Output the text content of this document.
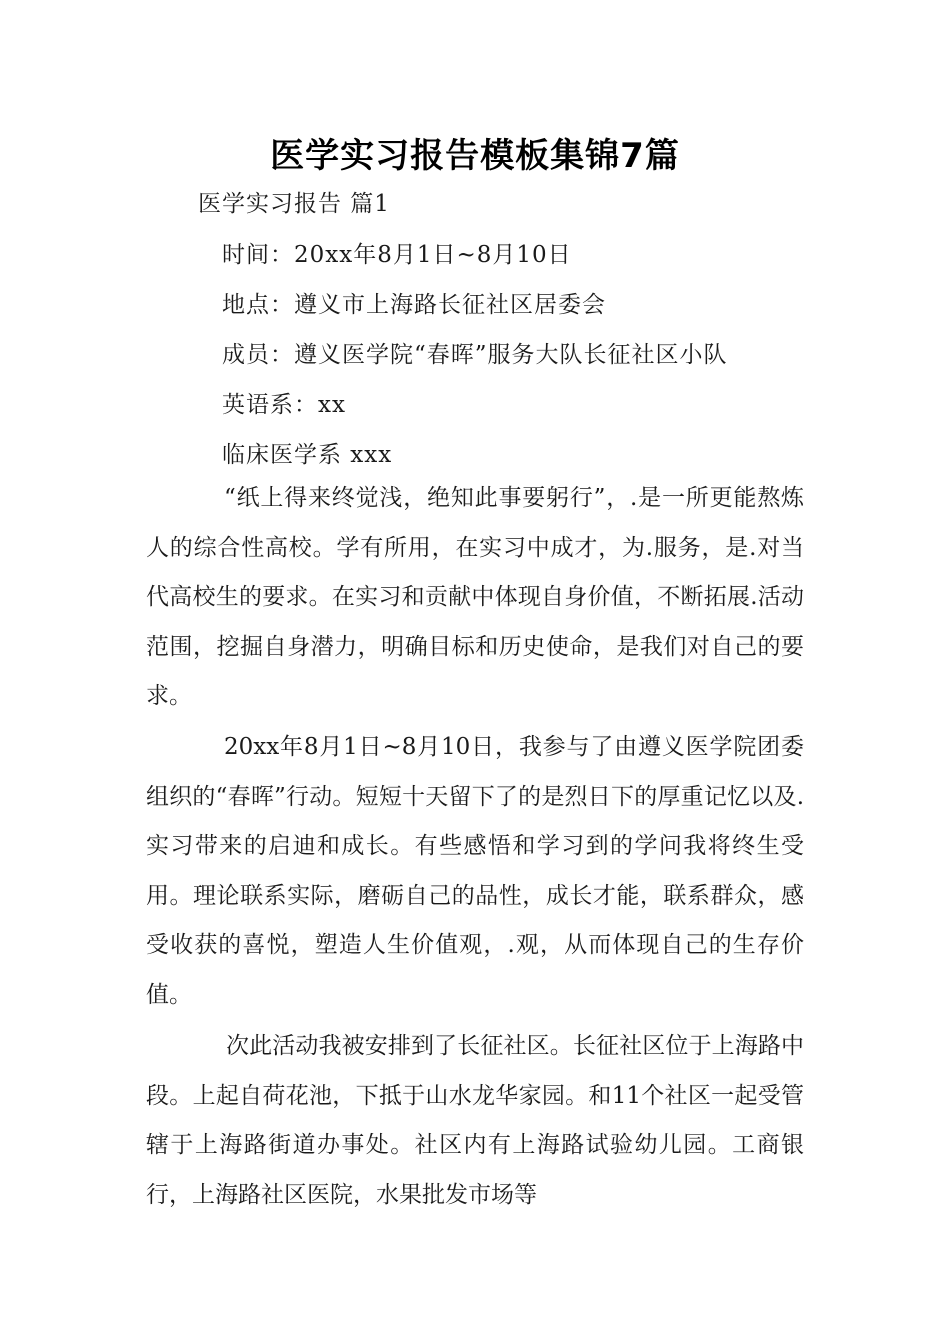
医学实习报告模板集锦7篇
医学实习报告 篇1
时间：20xx年8月1日~8月10日
地点：遵义市上海路长征社区居委会
成员：遵义医学院“春晖”服务大队长征社区小队
英语系：xx
临床医学系 xxx
“纸上得来终觉浅，绝知此事要躬行”，.是一所更能熬炼人的综合性高校。学有所用，在实习中成才，为.服务，是.对当代高校生的要求。在实习和贡献中体现自身价值，不断拓展.活动范围，挖掘自身潜力，明确目标和历史使命，是我们对自己的要求。
20xx年8月1日~8月10日，我参与了由遵义医学院团委组织的“春晖”行动。短短十天留下了的是烈日下的厚重记忆以及.实习带来的启迪和成长。有些感悟和学习到的学问我将终生受用。理论联系实际，磨砺自己的品性，成长才能，联系群众，感受收获的喜悦，塑造人生价值观，.观，从而体现自己的生存价值。
次此活动我被安排到了长征社区。长征社区位于上海路中段。上起自荷花池，下抵于山水龙华家园。和11个社区一起受管辖于上海路街道办事处。社区内有上海路试验幼儿园。工商银行，上海路社区医院，水果批发市场等
